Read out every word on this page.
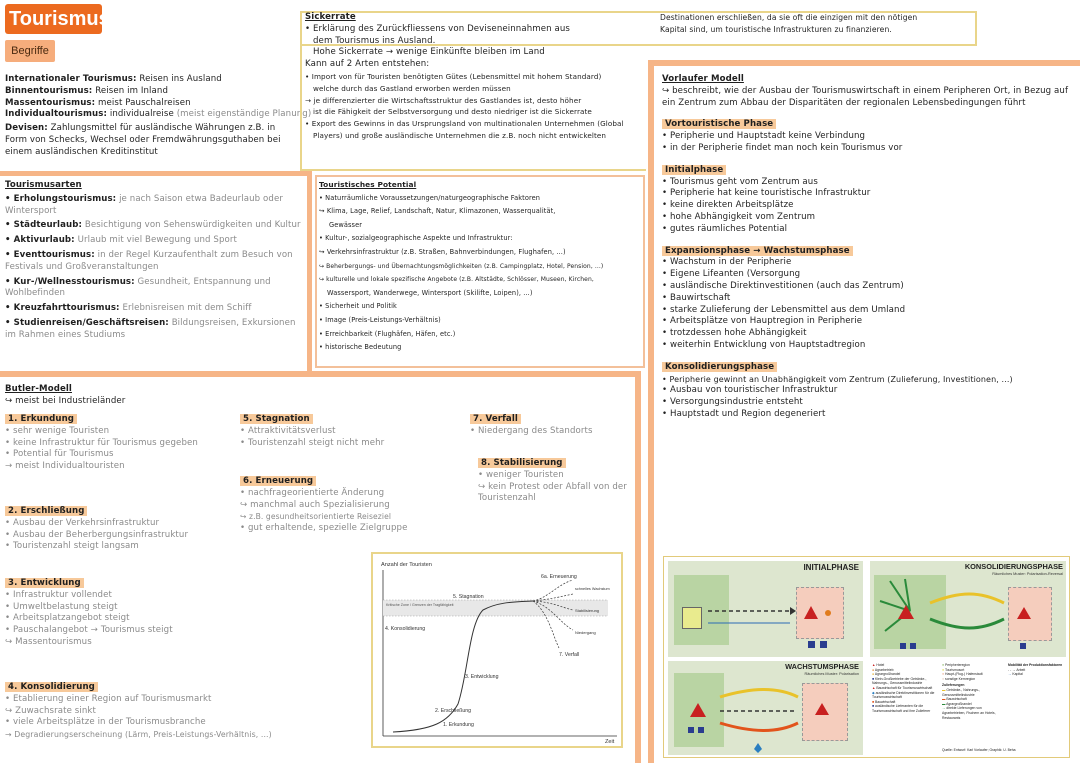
Tourismus
Begriffe
Internationaler Tourismus: Reisen ins Ausland
Binnentourismus: Reisen im Inland
Massentourismus: meist Pauschalreisen
Individualtourismus: individualreise (meist eigenständige Planung)
Devisen: Zahlungsmittel für ausländische Währungen z.B. in Form von Schecks, Wechsel oder Fremdwährungsguthaben bei einem ausländischen Kreditinstitut
Sickerrate
• Erklärung des Zurückfliessens von Deviseneinnahmen aus
dem Tourismus ins Ausland.
Hohe Sickerrate → wenige Einkünfte bleiben im Land
Kann auf 2 Arten entstehen:
• Import von für Touristen benötigten Gütes (Lebensmittel mit hohem Standard)
welche durch das Gastland erworben werden müssen
→ je differenzierter die Wirtschaftsstruktur des Gastlandes ist, desto höher
ist die Fähigkeit der Selbstversorgung und desto niedriger ist die Sickerrate
• Export des Gewinns in das Ursprungsland von multinationalen Unternehmen (Global
Players) und große ausländische Unternehmen die z.B. noch nicht entwickelten
Destinationen erschließen, da sie oft die einzigen mit den nötigen
Kapital sind, um touristische Infrastrukturen zu finanzieren.
Tourismusarten
• Erholungstourismus: je nach Saison etwa Badeurlaub oder Wintersport
• Städteurlaub: Besichtigung von Sehenswürdigkeiten und Kultur
• Aktivurlaub: Urlaub mit viel Bewegung und Sport
• Eventtourismus: in der Regel Kurzaufenthalt zum Besuch von Festivals und Großveranstaltungen
• Kur-/Wellnesstourismus: Gesundheit, Entspannung und Wohlbefinden
• Kreuzfahrttourismus: Erlebnisreisen mit dem Schiff
• Studienreisen/Geschäftsreisen: Bildungsreisen, Exkursionen im Rahmen eines Studiums
Touristisches Potential
• Naturräumliche Voraussetzungen/naturgeographische Faktoren
↪ Klima, Lage, Relief, Landschaft, Natur, Klimazonen, Wasserqualität,
Gewässer
• Kultur-, sozialgeographische Aspekte und Infrastruktur:
↪ Verkehrsinfrastruktur (z.B. Straßen, Bahnverbindungen, Flughafen, ...)
↪ Beherbergungs- und Übernachtungsmöglichkeiten (z.B. Campingplatz, Hotel, Pension, ...)
↪ kulturelle und lokale spezifische Angebote (z.B. Altstädte, Schlösser, Museen, Kirchen,
Wassersport, Wanderwege, Wintersport (Skilifte, Loipen), ...)
• Sicherheit und Politik
• Image (Preis-Leistungs-Verhältnis)
• Erreichbarkeit (Flughäfen, Häfen, etc.)
• historische Bedeutung
Vorlaufer Modell
↪ beschreibt, wie der Ausbau der Tourismuswirtschaft in einem Peripheren Ort, in Bezug auf ein Zentrum zum Abbau der Disparitäten der regionalen Lebensbedingungen führt
Vortouristische Phase
• Peripherie und Hauptstadt keine Verbindung
• in der Peripherie findet man noch kein Tourismus vor
Initialphase
• Tourismus geht vom Zentrum aus
• Peripherie hat keine touristische Infrastruktur
• keine direkten Arbeitsplätze
• hohe Abhängigkeit vom Zentrum
• gutes räumliches Potential
Expansionsphase → Wachstumsphase
• Wachstum in der Peripherie
• Eigene Lifeanten (Versorgung
• ausländische Direktinvestitionen (auch das Zentrum)
• Bauwirtschaft
• starke Zulieferung der Lebensmittel aus dem Umland
• Arbeitsplätze von Hauptregion in Peripherie
• trotzdessen hohe Abhängigkeit
• weiterhin Entwicklung von Hauptstadtregion
Konsolidierungsphase
• Peripherie gewinnt an Unabhängigkeit vom Zentrum (Zulieferung, Investitionen, ...)
• Ausbau von touristischer Infrastruktur
• Versorgungsindustrie entsteht
• Hauptstadt und Region degeneriert
Butler-Modell
↪ meist bei Industrieländer
1. Erkundung
• sehr wenige Touristen
• keine Infrastruktur für Tourismus gegeben
• Potential für Tourismus
→ meist Individualtouristen
2. Erschließung
• Ausbau der Verkehrsinfrastruktur
• Ausbau der Beherbergungsinfrastruktur
• Touristenzahl steigt langsam
3. Entwicklung
• Infrastruktur vollendet
• Umweltbelastung steigt
• Arbeitsplatzangebot steigt
• Pauschalangebot → Tourismus steigt
↪ Massentourismus
4. Konsolidierung
• Etablierung einer Region auf Tourismusmarkt
↪ Zuwachsrate sinkt
• viele Arbeitsplätze in der Tourismusbranche
→ Degradierungserscheinung (Lärm, Preis-Leistungs-Verhältnis, ...)
5. Stagnation
• Attraktivitätsverlust
• Touristenzahl steigt nicht mehr
6. Erneuerung
• nachfrageorientierte Änderung
↪ manchmal auch Spezialisierung
↪ z.B. gesundheitsorientierte Reiseziel
• gut erhaltende, spezielle Zielgruppe
7. Verfall
• Niedergang des Standorts
8. Stabilisierung
• weniger Touristen
↪ kein Protest oder Abfall von der Touristenzahl
Anzahl der Touristen
Zeit
Kritische Zone / Grenzen der Tragfähigkeit
1. Erkundung
2. Erschließung
3. Entwicklung
4. Konsolidierung
5. Stagnation
6a. Erneuerung
Stabilisierung
Niedergang
7. Verfall
schnelles Wachstum
INITIALPHASE	KONSOLIDIERUNGSPHASE
Räumliches Muster: Polarisation-Reversal
WACHSTUMSPHASE
Räumliches Muster: Polarisation
▲ Hotel
● Agrarbetrieb
● Agrargroßhandel
■ Klein-Großbetriebe der Getränke-, Nahrungs-, Genussmittelindustrie
▲ Bauwirtschaft für Tourismuswirtschaft
◆ ausländische Direktinvestitionen für die Tourismuswirtschaft
■ Bauwirtschaft
■ ausländische Lieferanten für die Tourismuswirtschaft und ihre Zulieferer
■ Peripherieregion
■ Tourismusort
■ Haupt-(Flug-) Hafenstadt
■ sonstige Kernregion
Zulieferungen
▬ Getränke-, Nahrungs-, Genussmittelindustrie
▬ Bauwirtschaft
▬ Agrargroßhandel
→ direkte Lieferungen von Agrarbetrieben, Fischern an Hotels, Restaurants
Mobilität der Produktionsfaktoren
- - → Arbeit
→ Kapital
Quelle: Entwurf: Karl Vorlaufer; Graphik: U. Beha
